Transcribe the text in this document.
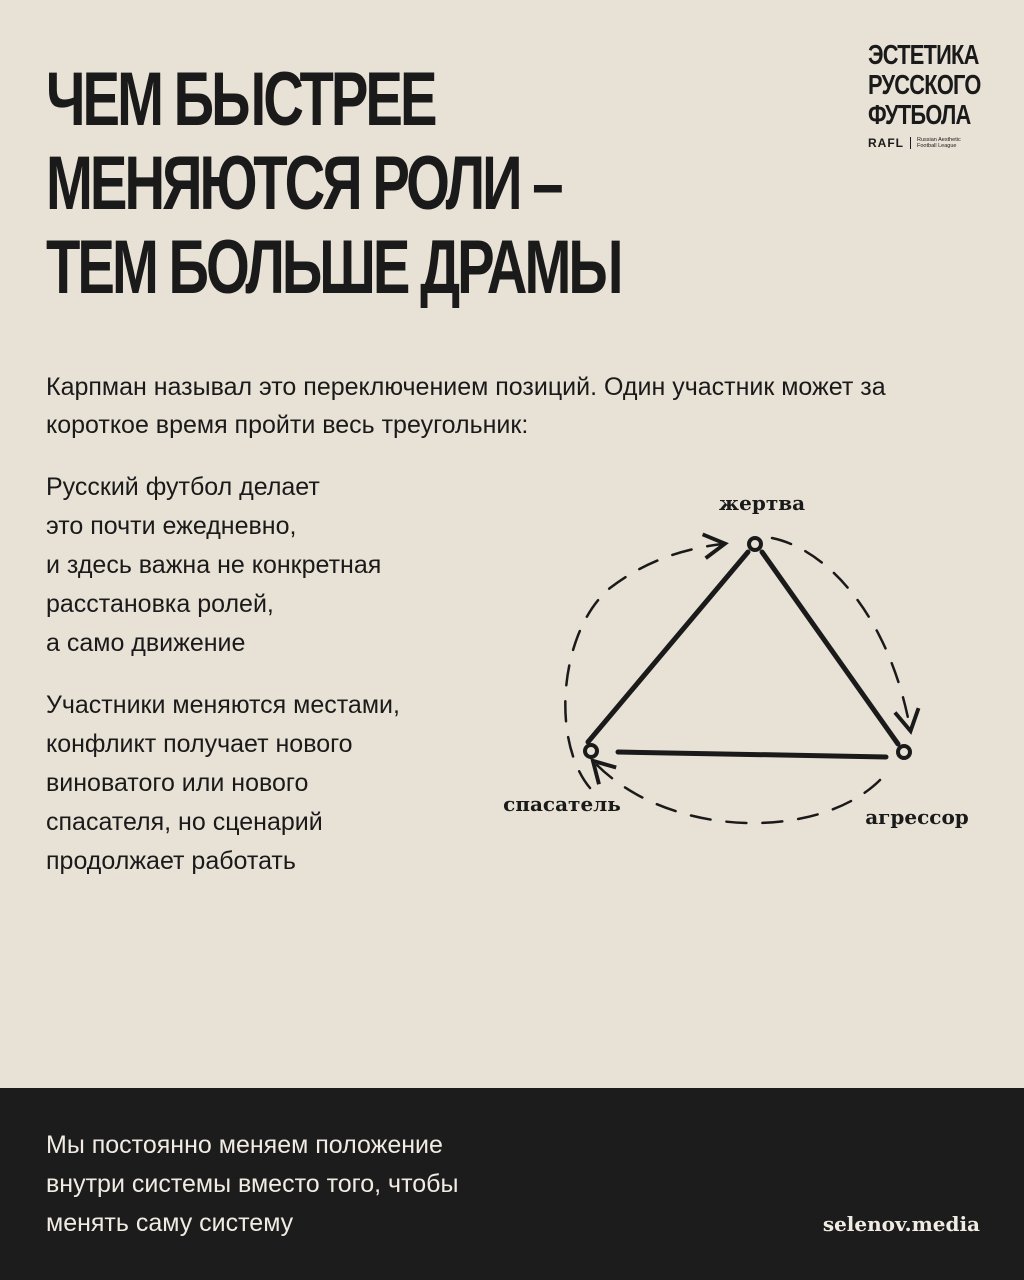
ЧЕМ БЫСТРЕЕ
МЕНЯЮТСЯ РОЛИ –
ТЕМ БОЛЬШЕ ДРАМЫ
ЭСТЕТИКА
РУССКОГО
ФУТБОЛА
RAFL Russian Aesthetic
Football League

Карпман называл это переключением позиций. Один участник может за короткое время пройти весь треугольник:

Русский футбол делает
это почти ежедневно,
и здесь важна не конкретная
расстановка ролей,
а само движение

Участники меняются местами,
конфликт получает нового
виноватого или нового
спасателя, но сценарий
продолжает работать

жертва
спасатель
агрессор

Мы постоянно меняем положение
внутри системы вместо того, чтобы
менять саму систему	selenov.media
